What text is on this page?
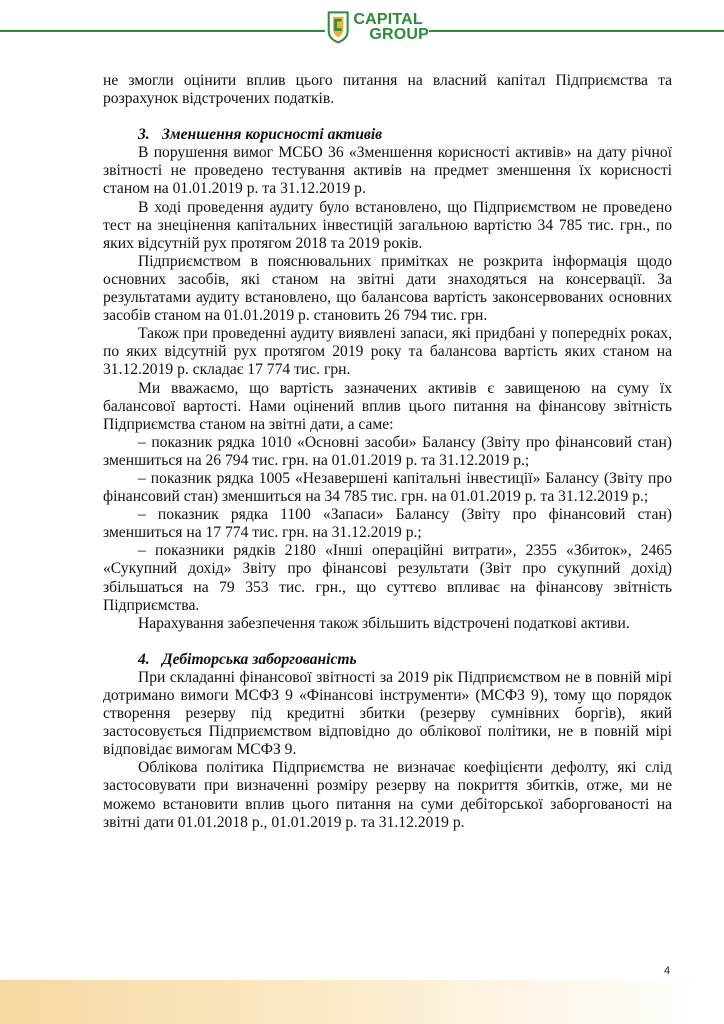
CAPITAL
GROUP

не змогли оцінити вплив цього питання на власний капітал Підприємства та розрахунок відстрочених податків.

3. Зменшення корисності активів

В порушення вимог МСБО 36 «Зменшення корисності активів» на дату річної звітності не проведено тестування активів на предмет зменшення їх корисності станом на 01.01.2019 р. та 31.12.2019 р.

В ході проведення аудиту було встановлено, що Підприємством не проведено тест на знецінення капітальних інвестицій загальною вартістю 34 785 тис. грн., по яких відсутній рух протягом 2018 та 2019 років.

Підприємством в пояснювальних примітках не розкрита інформація щодо основних засобів, які станом на звітні дати знаходяться на консервації. За результатами аудиту встановлено, що балансова вартість законсервованих основних засобів станом на 01.01.2019 р. становить 26 794 тис. грн.

Також при проведенні аудиту виявлені запаси, які придбані у попередніх роках, по яких відсутній рух протягом 2019 року та балансова вартість яких станом на 31.12.2019 р. складає 17 774 тис. грн.

Ми вважаємо, що вартість зазначених активів є завищеною на суму їх балансової вартості. Нами оцінений вплив цього питання на фінансову звітність Підприємства станом на звітні дати, а саме:

– показник рядка 1010 «Основні засоби» Балансу (Звіту про фінансовий стан) зменшиться на 26 794 тис. грн. на 01.01.2019 р. та 31.12.2019 р.;

– показник рядка 1005 «Незавершені капітальні інвестиції» Балансу (Звіту про фінансовий стан) зменшиться на 34 785 тис. грн. на 01.01.2019 р. та 31.12.2019 р.;

– показник рядка 1100 «Запаси» Балансу (Звіту про фінансовий стан) зменшиться на 17 774 тис. грн. на 31.12.2019 р.;

– показники рядків 2180 «Інші операційні витрати», 2355 «Збиток», 2465 «Сукупний дохід» Звіту про фінансові результати (Звіт про сукупний дохід) збільшаться на 79 353 тис. грн., що суттєво впливає на фінансову звітність Підприємства.

Нарахування забезпечення також збільшить відстрочені податкові активи.

4. Дебіторська заборгованість

При складанні фінансової звітності за 2019 рік Підприємством не в повній мірі дотримано вимоги МСФЗ 9 «Фінансові інструменти» (МСФЗ 9), тому що порядок створення резерву під кредитні збитки (резерву сумнівних боргів), який застосовується Підприємством відповідно до облікової політики, не в повній мірі відповідає вимогам МСФЗ 9.

Облікова політика Підприємства не визначає коефіцієнти дефолту, які слід застосовувати при визначенні розміру резерву на покриття збитків, отже, ми не можемо встановити вплив цього питання на суми дебіторської заборгованості на звітні дати 01.01.2018 р., 01.01.2019 р. та 31.12.2019 р.

4
